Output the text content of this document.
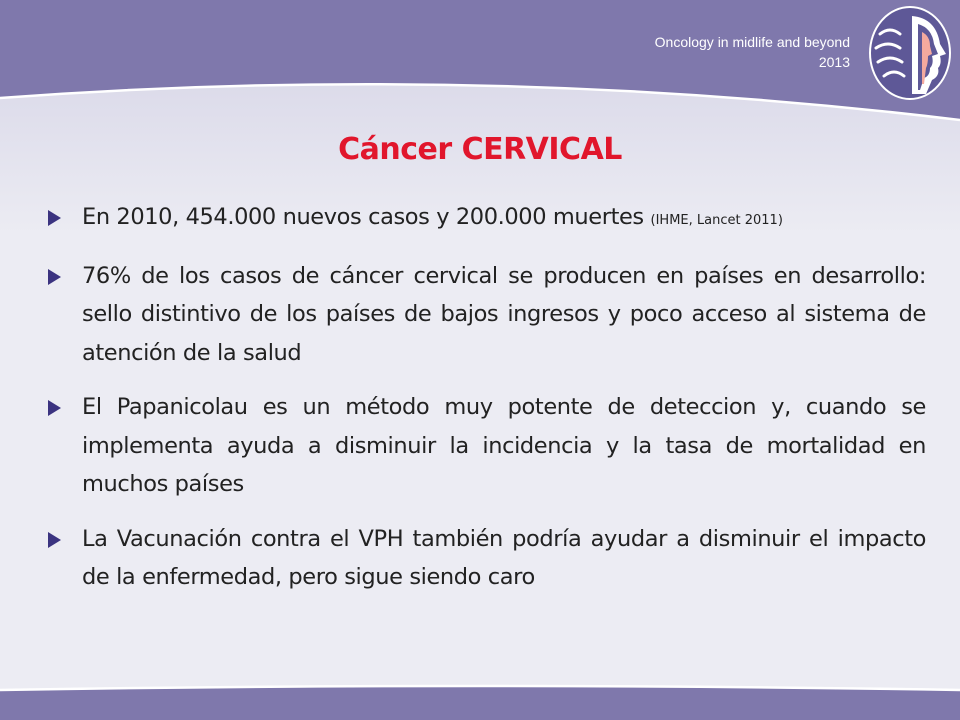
Oncology in midlife and beyond
2013
Cáncer CERVICAL
En 2010, 454.000 nuevos casos y 200.000 muertes (IHME, Lancet 2011)
76% de los casos de cáncer cervical se producen en países en desarrollo: sello distintivo de los países de bajos ingresos y poco acceso al sistema de atención de la salud
El Papanicolau es un método muy potente de deteccion y, cuando se implementa ayuda a disminuir la incidencia y la tasa de mortalidad en muchos países
La Vacunación contra el VPH también podría ayudar a disminuir el impacto de la enfermedad, pero sigue siendo caro
